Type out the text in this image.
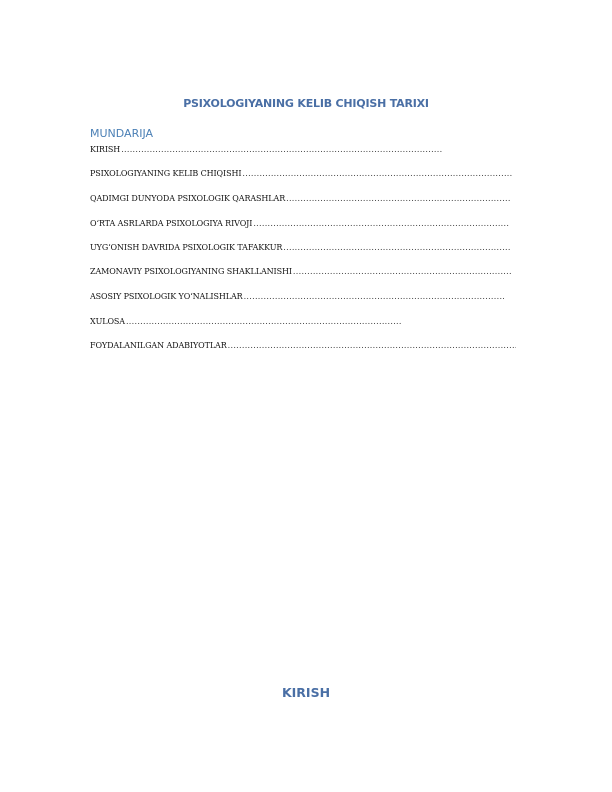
PSIXOLOGIYANING KELIB CHIQISH TARIXI
MUNDARIJA
KIRISH
.....
PSIXOLOGIYANING KELIB CHIQISHI
.....
QADIMGI DUNYODA PSIXOLOGIK QARASHLAR
.....
O‘RTA ASRLARDA PSIXOLOGIYA RIVOJI
.....
UYG‘ONISH DAVRIDA PSIXOLOGIK TAFAKKUR
.....
ZAMONAVIY PSIXOLOGIYANING SHAKLLANISHI
.....
ASOSIY PSIXOLOGIK YO‘NALISHLAR
.....
XULOSA
.....
FOYDALANILGAN ADABIYOTLAR
.....
KIRISH
